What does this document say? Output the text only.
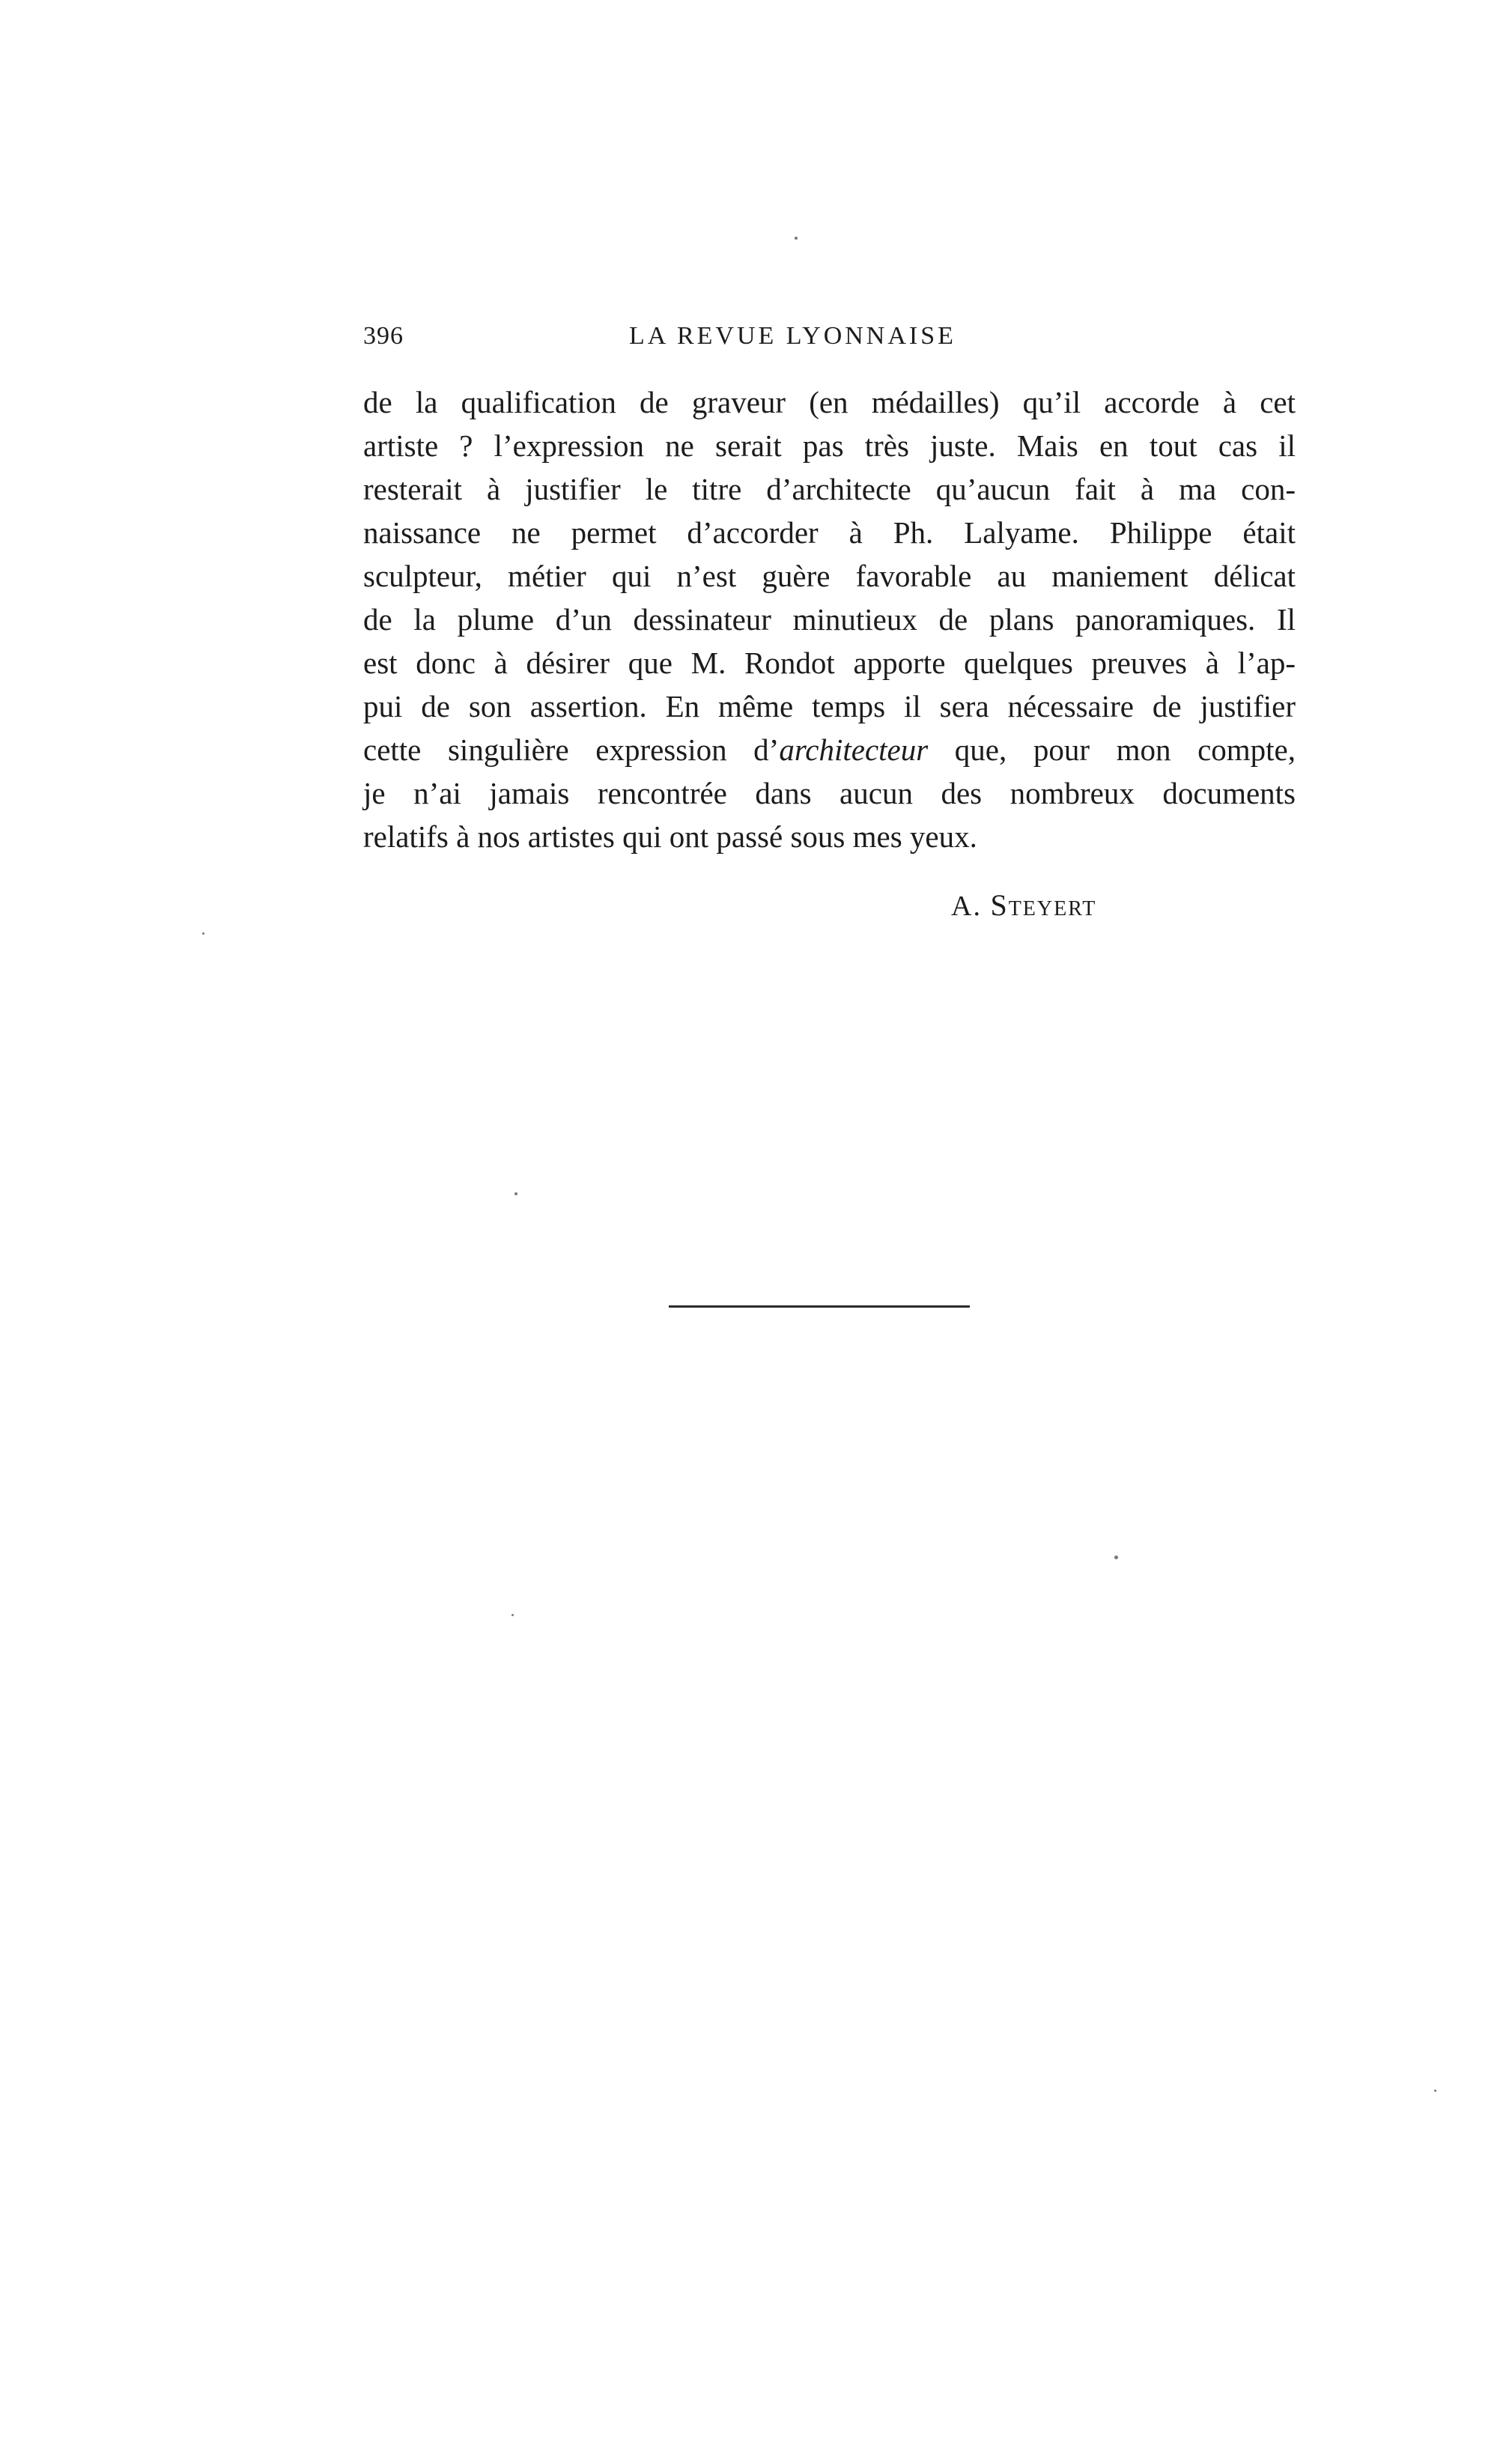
396	LA REVUE LYONNAISE
de la qualification de graveur (en médailles) qu’il accorde à cet
artiste ? l’expression ne serait pas très juste. Mais en tout cas il
resterait à justifier le titre d’architecte qu’aucun fait à ma con-
naissance ne permet d’accorder à Ph. Lalyame. Philippe était
sculpteur, métier qui n’est guère favorable au maniement délicat
de la plume d’un dessinateur minutieux de plans panoramiques. Il
est donc à désirer que M. Rondot apporte quelques preuves à l’ap-
pui de son assertion. En même temps il sera nécessaire de justifier
cette singulière expression d’architecteur que, pour mon compte,
je n’ai jamais rencontrée dans aucun des nombreux documents
relatifs à nos artistes qui ont passé sous mes yeux.
A. Steyert
